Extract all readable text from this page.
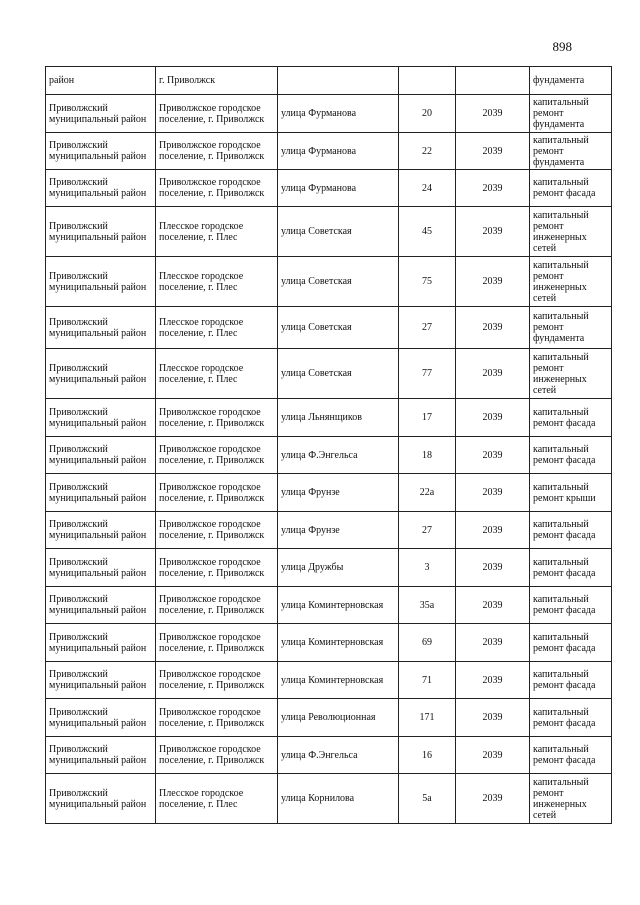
898
район	г. Приволжск				фундамента
Приволжский муниципальный район	Приволжское городское поселение, г. Приволжск	улица Фурманова	20	2039	капитальный ремонт фундамента
Приволжский муниципальный район	Приволжское городское поселение, г. Приволжск	улица Фурманова	22	2039	капитальный ремонт фундамента
Приволжский муниципальный район	Приволжское городское поселение, г. Приволжск	улица Фурманова	24	2039	капитальный ремонт фасада
Приволжский муниципальный район	Плесское городское поселение, г. Плес	улица Советская	45	2039	капитальный ремонт инженерных сетей
Приволжский муниципальный район	Плесское городское поселение, г. Плес	улица Советская	75	2039	капитальный ремонт инженерных сетей
Приволжский муниципальный район	Плесское городское поселение, г. Плес	улица Советская	27	2039	капитальный ремонт фундамента
Приволжский муниципальный район	Плесское городское поселение, г. Плес	улица Советская	77	2039	капитальный ремонт инженерных сетей
Приволжский муниципальный район	Приволжское городское поселение, г. Приволжск	улица Льнянщиков	17	2039	капитальный ремонт фасада
Приволжский муниципальный район	Приволжское городское поселение, г. Приволжск	улица Ф.Энгельса	18	2039	капитальный ремонт фасада
Приволжский муниципальный район	Приволжское городское поселение, г. Приволжск	улица Фрунзе	22а	2039	капитальный ремонт крыши
Приволжский муниципальный район	Приволжское городское поселение, г. Приволжск	улица Фрунзе	27	2039	капитальный ремонт фасада
Приволжский муниципальный район	Приволжское городское поселение, г. Приволжск	улица Дружбы	3	2039	капитальный ремонт фасада
Приволжский муниципальный район	Приволжское городское поселение, г. Приволжск	улица Коминтерновская	35а	2039	капитальный ремонт фасада
Приволжский муниципальный район	Приволжское городское поселение, г. Приволжск	улица Коминтерновская	69	2039	капитальный ремонт фасада
Приволжский муниципальный район	Приволжское городское поселение, г. Приволжск	улица Коминтерновская	71	2039	капитальный ремонт фасада
Приволжский муниципальный район	Приволжское городское поселение, г. Приволжск	улица Революционная	171	2039	капитальный ремонт фасада
Приволжский муниципальный район	Приволжское городское поселение, г. Приволжск	улица Ф.Энгельса	16	2039	капитальный ремонт фасада
Приволжский муниципальный район	Плесское городское поселение, г. Плес	улица Корнилова	5а	2039	капитальный ремонт инженерных сетей
